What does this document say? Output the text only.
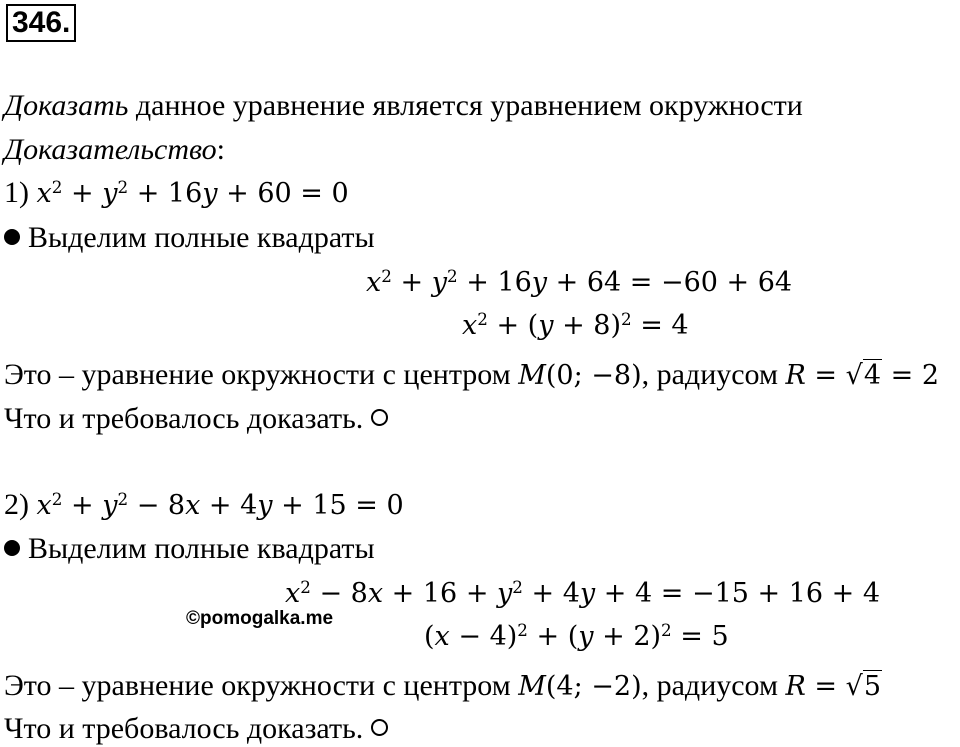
346.
Доказать данное уравнение является уравнением окружности
Доказательство:
1) $x^2 + y^2 + 16y + 60 = 0$
Выделим полные квадраты
$x^2 + y^2 + 16y + 64 = -60 + 64$
$x^2 + (y + 8)^2 = 4$
Это – уравнение окружности с центром M(0; −8), радиусом R = √4 = 2
Что и требовалось доказать.
2) $x^2 + y^2 - 8x + 4y + 15 = 0$
Выделим полные квадраты
$x^2 - 8x + 16 + y^2 + 4y + 4 = -15 + 16 + 4$
©pomogalka.me
$(x - 4)^2 + (y + 2)^2 = 5$
Это – уравнение окружности с центром M(4; −2), радиусом R = √5
Что и требовалось доказать.
